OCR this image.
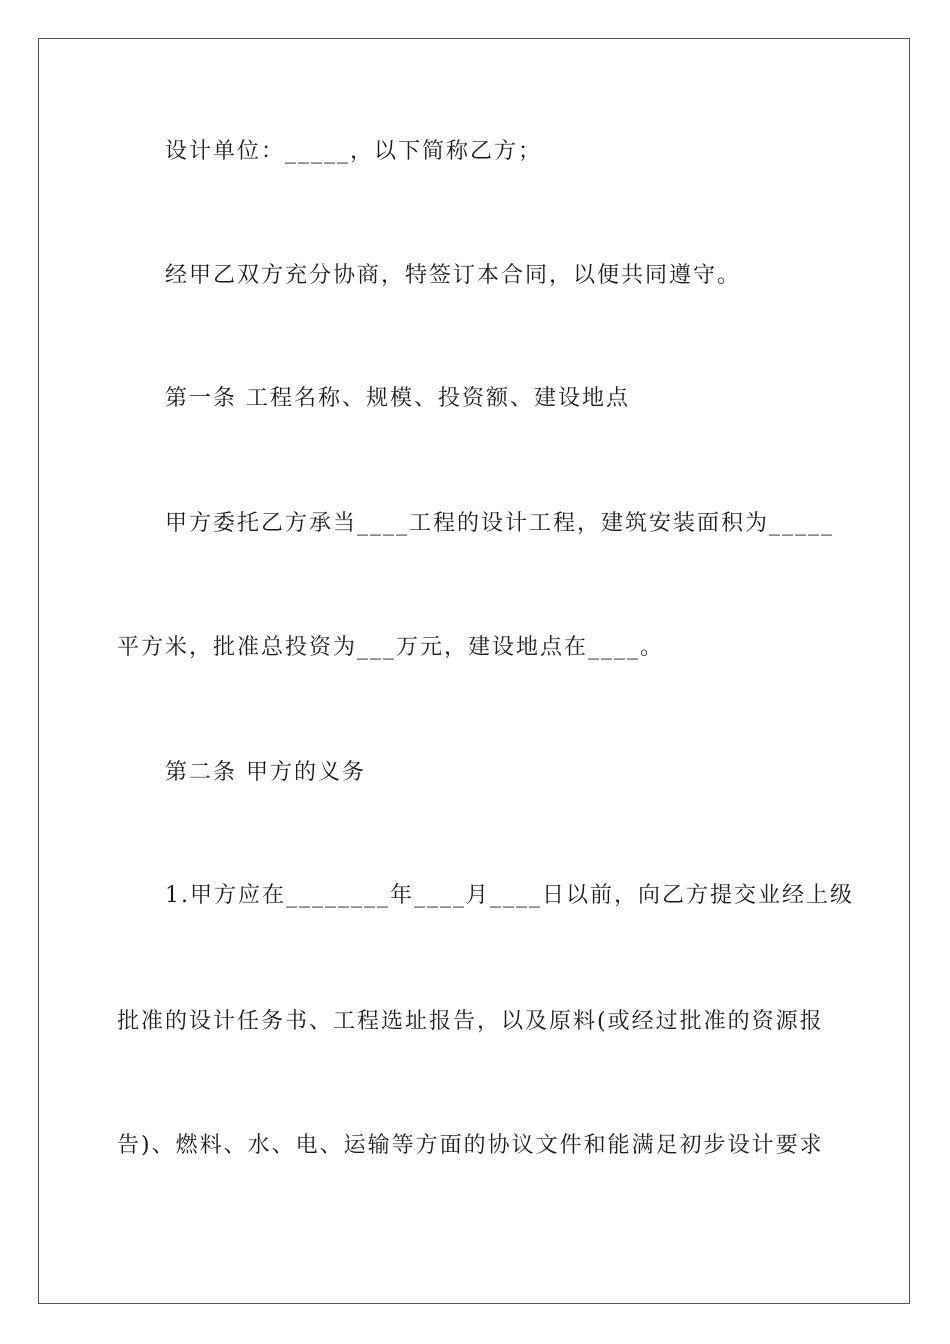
设计单位：_____，以下简称乙方；
经甲乙双方充分协商，特签订本合同，以便共同遵守。
第一条 工程名称、规模、投资额、建设地点
甲方委托乙方承当____工程的设计工程，建筑安装面积为_____
平方米，批准总投资为___万元，建设地点在____。
第二条 甲方的义务
1.甲方应在________年____月____日以前，向乙方提交业经上级
批准的设计任务书、工程选址报告，以及原料(或经过批准的资源报
告)、燃料、水、电、运输等方面的协议文件和能满足初步设计要求
